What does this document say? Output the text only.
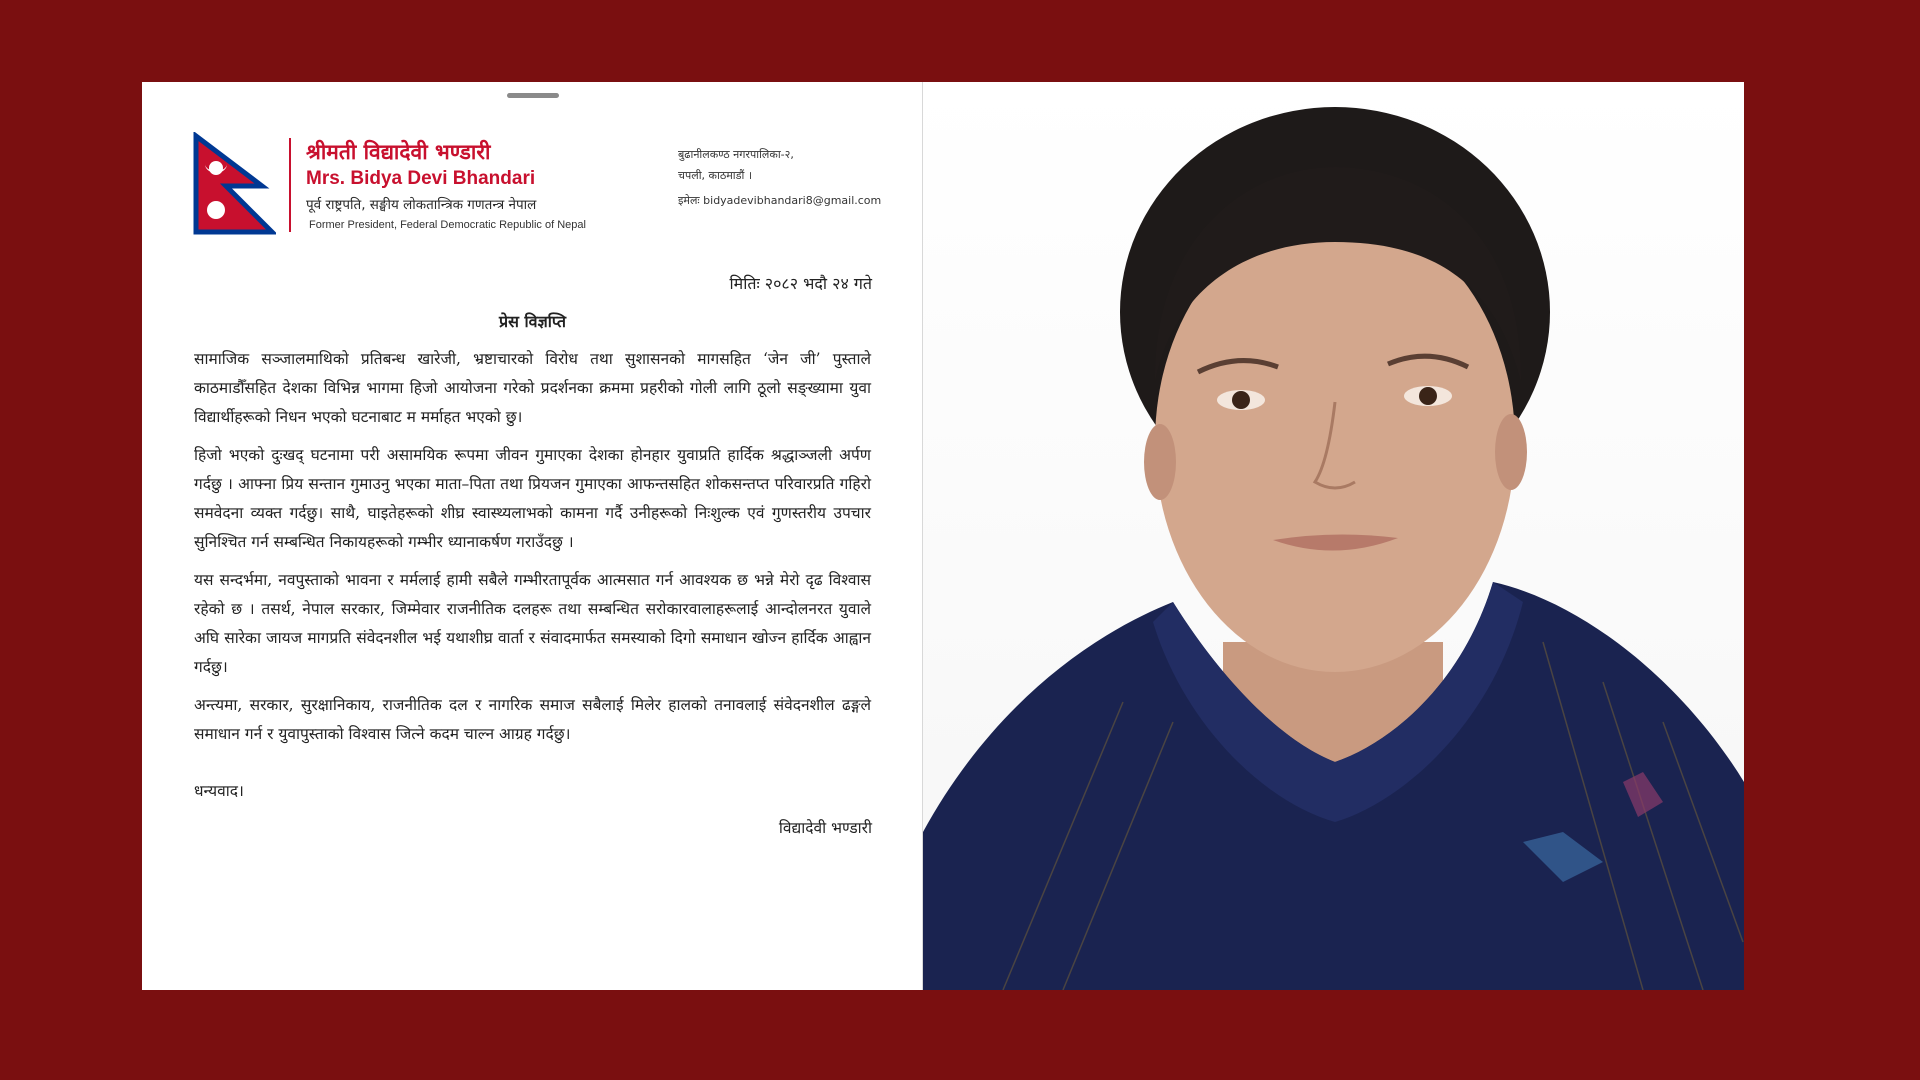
श्रीमती विद्यादेवी भण्डारी
Mrs. Bidya Devi Bhandari
पूर्व राष्ट्रपति, सङ्घीय लोकतान्त्रिक गणतन्त्र नेपाल
Former President, Federal Democratic Republic of Nepal
बुढानीलकण्ठ नगरपालिका-२,
चपली, काठमाडौं ।
इमेलः bidyadevibhandari8@gmail.com
मितिः २०८२ भदौ २४ गते
प्रेस विज्ञप्ति

सामाजिक सञ्जालमाथिको प्रतिबन्ध खारेजी, भ्रष्टाचारको विरोध तथा सुशासनको मागसहित ‘जेन जी’ पुस्ताले काठमाडौँसहित देशका विभिन्न भागमा हिजो आयोजना गरेको प्रदर्शनका क्रममा प्रहरीको गोली लागि ठूलो सङ्ख्यामा युवा विद्यार्थीहरूको निधन भएको घटनाबाट म मर्माहत भएको छु।

हिजो भएको दुःखद् घटनामा परी असामयिक रूपमा जीवन गुमाएका देशका होनहार युवाप्रति हार्दिक श्रद्धाञ्जली अर्पण गर्दछु । आफ्ना प्रिय सन्तान गुमाउनु भएका माता–पिता तथा प्रियजन गुमाएका आफन्तसहित शोकसन्तप्त परिवारप्रति गहिरो समवेदना व्यक्त गर्दछु। साथै, घाइतेहरूको शीघ्र स्वास्थ्यलाभको कामना गर्दै उनीहरूको निःशुल्क एवं गुणस्तरीय उपचार सुनिश्चित गर्न सम्बन्धित निकायहरूको गम्भीर ध्यानाकर्षण गराउँदछु ।

यस सन्दर्भमा, नवपुस्ताको भावना र मर्मलाई हामी सबैले गम्भीरतापूर्वक आत्मसात गर्न आवश्यक छ भन्ने मेरो दृढ विश्वास रहेको छ । तसर्थ, नेपाल सरकार, जिम्मेवार राजनीतिक दलहरू तथा सम्बन्धित सरोकारवालाहरूलाई आन्दोलनरत युवाले अघि सारेका जायज मागप्रति संवेदनशील भई यथाशीघ्र वार्ता र संवादमार्फत समस्याको दिगो समाधान खोज्न हार्दिक आह्वान गर्दछु।

अन्त्यमा, सरकार, सुरक्षानिकाय, राजनीतिक दल र नागरिक समाज सबैलाई मिलेर हालको तनावलाई संवेदनशील ढङ्गले समाधान गर्न र युवापुस्ताको विश्वास जित्ने कदम चाल्न आग्रह गर्दछु।

धन्यवाद।
विद्यादेवी भण्डारी
